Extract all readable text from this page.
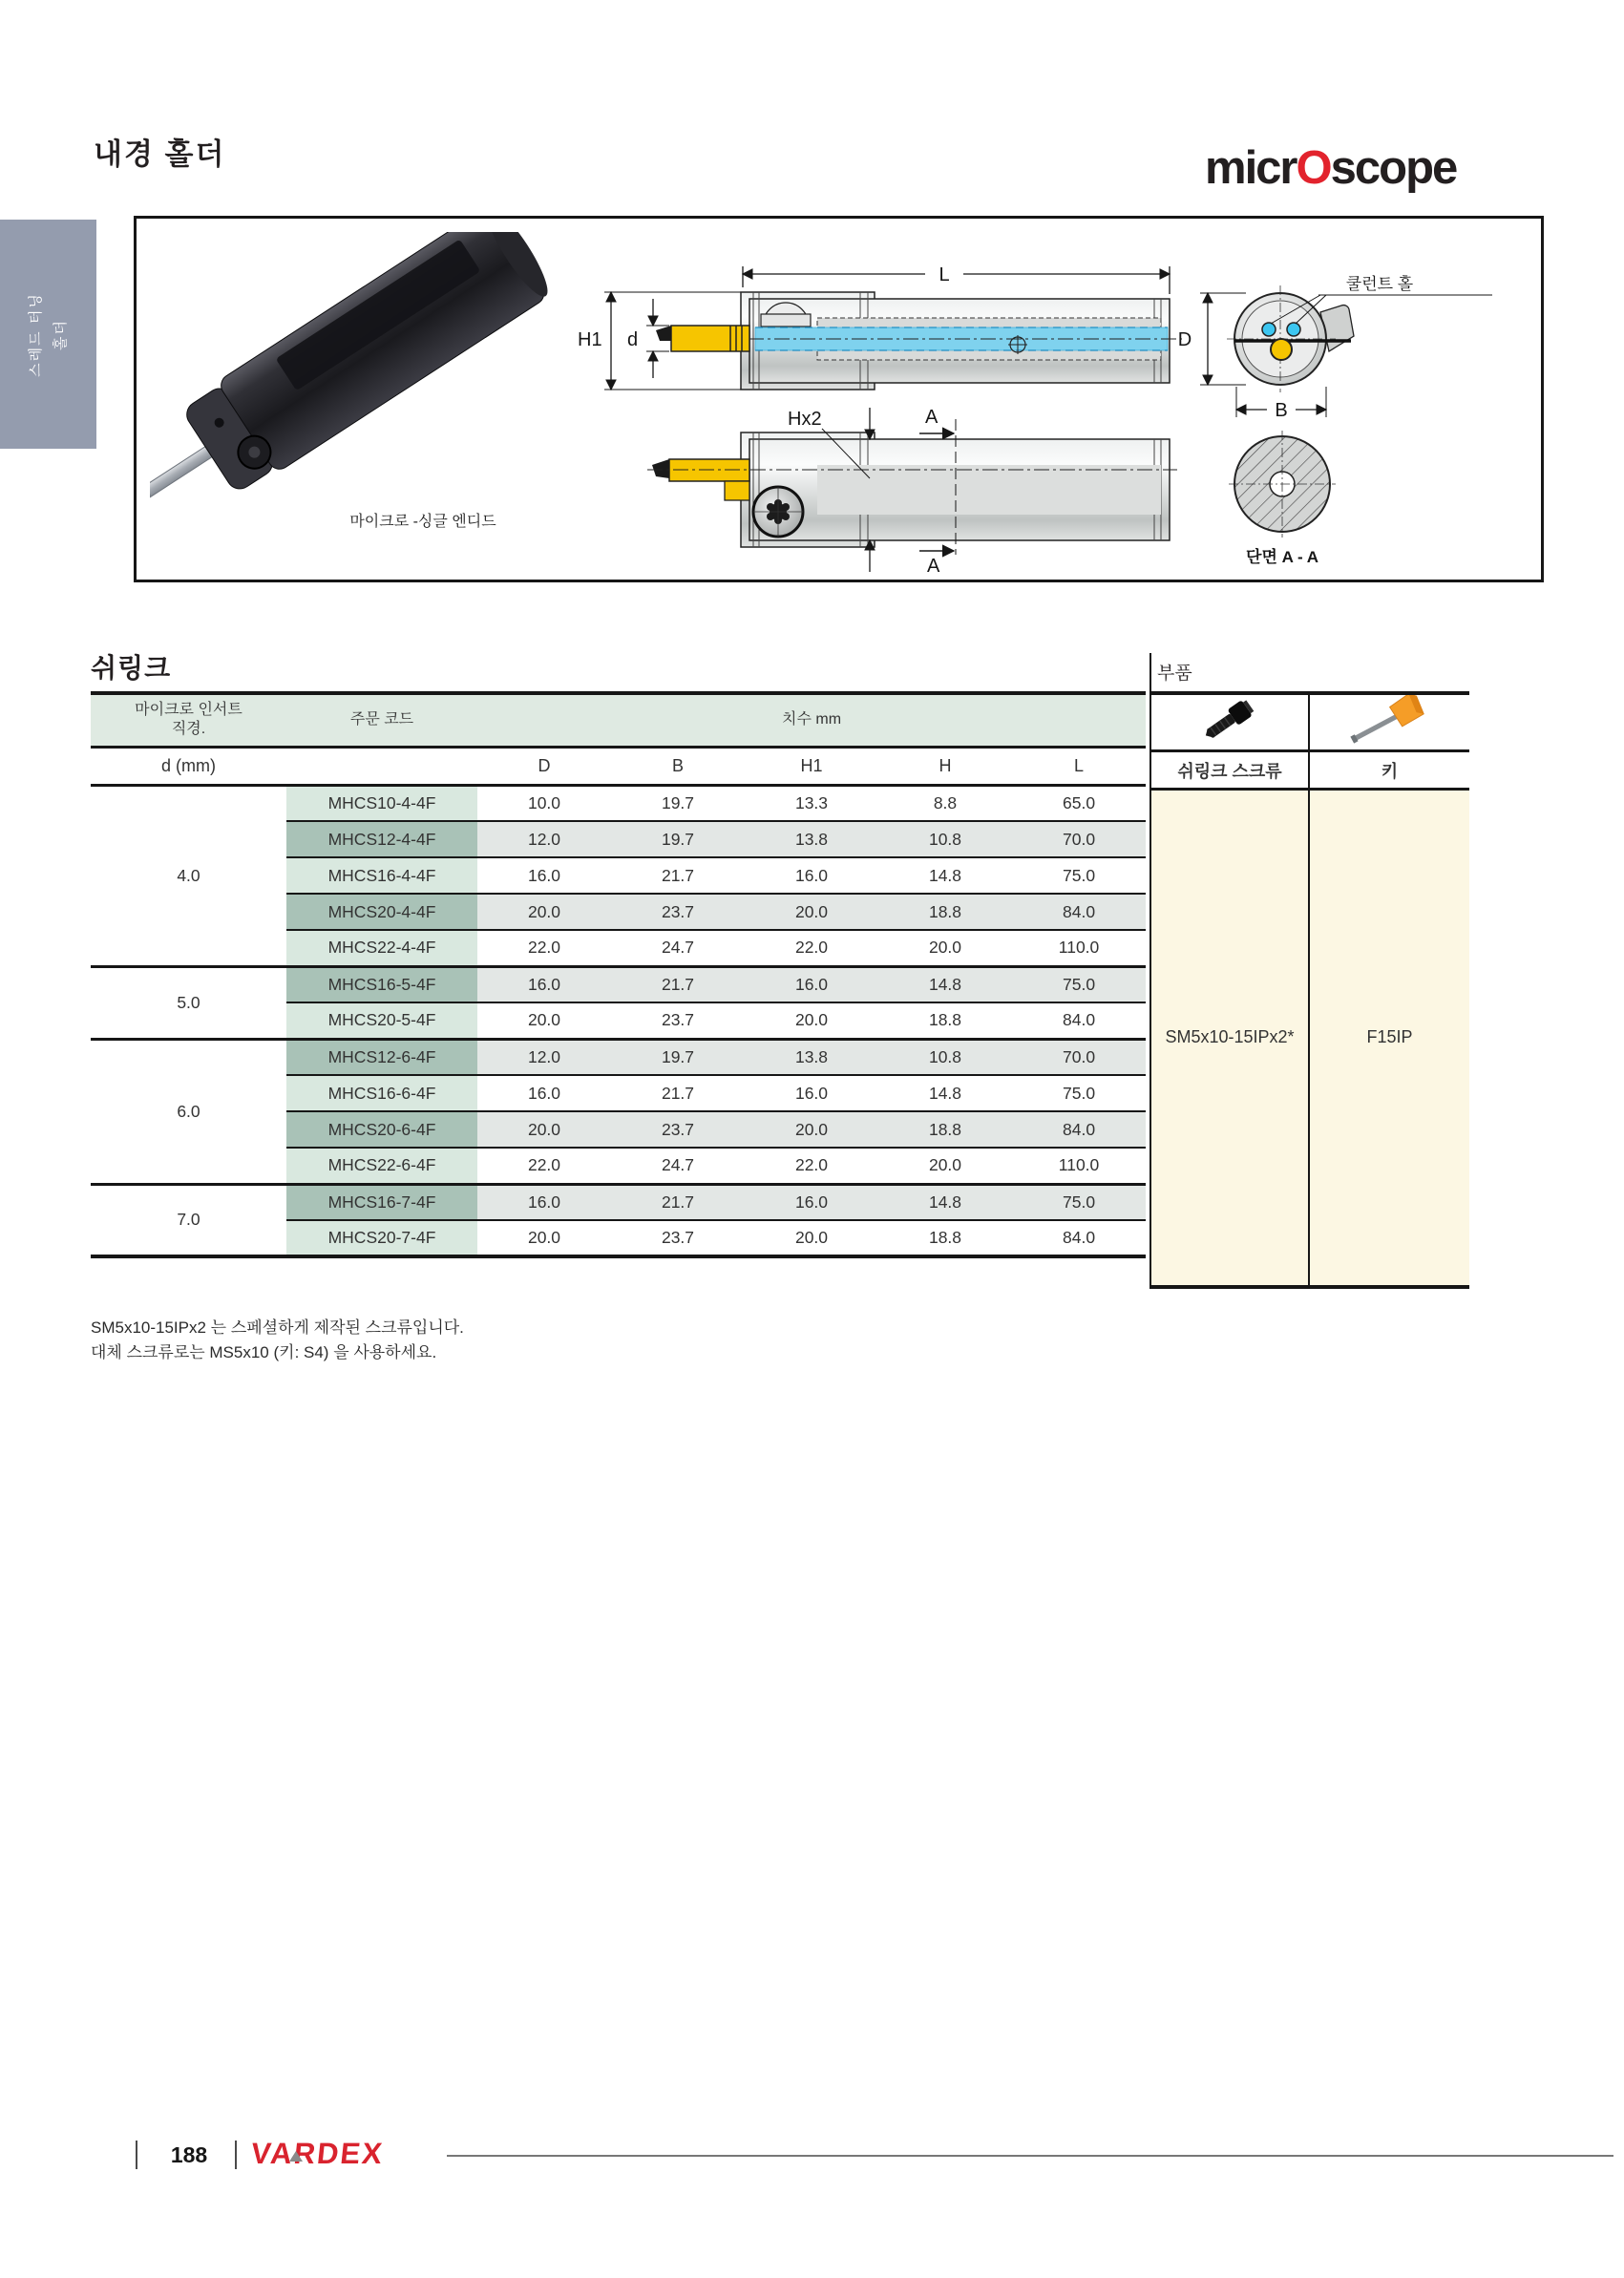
내경 홀더	micrOscope
스레드 터닝 홀더
마이크로 -싱글 엔디드
L
H1 d
Hx2	A
A
쿨런트 홀
D
B
단면 A - A
쉬링크	부품
마이크로 인서트
직경.	주문 코드	치수 mm				
d (mm)		D	B	H1	H	L
4.0	MHCS10-4-4F	10.0	19.7	13.3	8.8	65.0
	MHCS12-4-4F	12.0	19.7	13.8	10.8	70.0
	MHCS16-4-4F	16.0	21.7	16.0	14.8	75.0
	MHCS20-4-4F	20.0	23.7	20.0	18.8	84.0
	MHCS22-4-4F	22.0	24.7	22.0	20.0	110.0
5.0	MHCS16-5-4F	16.0	21.7	16.0	14.8	75.0
	MHCS20-5-4F	20.0	23.7	20.0	18.8	84.0
6.0	MHCS12-6-4F	12.0	19.7	13.8	10.8	70.0
	MHCS16-6-4F	16.0	21.7	16.0	14.8	75.0
	MHCS20-6-4F	20.0	23.7	20.0	18.8	84.0
	MHCS22-6-4F	22.0	24.7	22.0	20.0	110.0
7.0	MHCS16-7-4F	16.0	21.7	16.0	14.8	75.0
	MHCS20-7-4F	20.0	23.7	20.0	18.8	84.0

쉬링크 스크류	키
SM5x10-15IPx2*	F15IP
SM5x10-15IPx2 는 스페셜하게 제작된 스크류입니다.
대체 스크류로는 MS5x10 (키: S4) 을 사용하세요.
188	VARDEX
